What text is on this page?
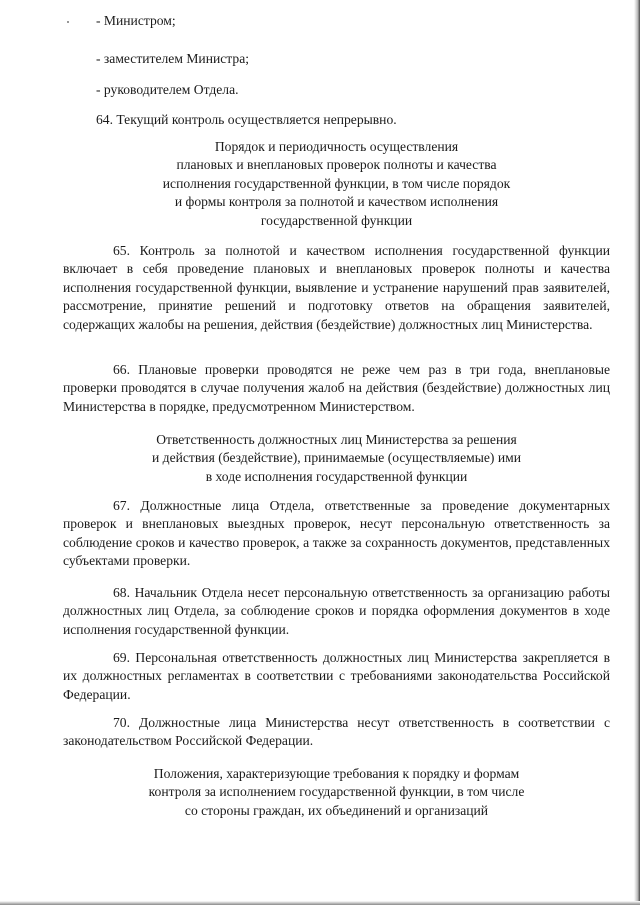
- Министром;
- заместителем Министра;
- руководителем Отдела.
64. Текущий контроль осуществляется непрерывно.
Порядок и периодичность осуществления
плановых и внеплановых проверок полноты и качества
исполнения государственной функции, в том числе порядок
и формы контроля за полнотой и качеством исполнения
государственной функции

65. Контроль за полнотой и качеством исполнения государственной функции включает в себя проведение плановых и внеплановых проверок полноты и качества исполнения государственной функции, выявление и устранение нарушений прав заявителей, рассмотрение, принятие решений и подготовку ответов на обращения заявителей, содержащих жалобы на решения, действия (бездействие) должностных лиц Министерства.

66. Плановые проверки проводятся не реже чем раз в три года, внеплановые проверки проводятся в случае получения жалоб на действия (бездействие) должностных лиц Министерства в порядке, предусмотренном Министерством.

Ответственность должностных лиц Министерства за решения
и действия (бездействие), принимаемые (осуществляемые) ими
в ходе исполнения государственной функции

67. Должностные лица Отдела, ответственные за проведение документарных проверок и внеплановых выездных проверок, несут персональную ответственность за соблюдение сроков и качество проверок, а также за сохранность документов, представленных субъектами проверки.

68. Начальник Отдела несет персональную ответственность за организацию работы должностных лиц Отдела, за соблюдение сроков и порядка оформления документов в ходе исполнения государственной функции.

69. Персональная ответственность должностных лиц Министерства закрепляется в их должностных регламентах в соответствии с требованиями законодательства Российской Федерации.

70. Должностные лица Министерства несут ответственность в соответствии с законодательством Российской Федерации.

Положения, характеризующие требования к порядку и формам
контроля за исполнением государственной функции, в том числе
со стороны граждан, их объединений и организаций
